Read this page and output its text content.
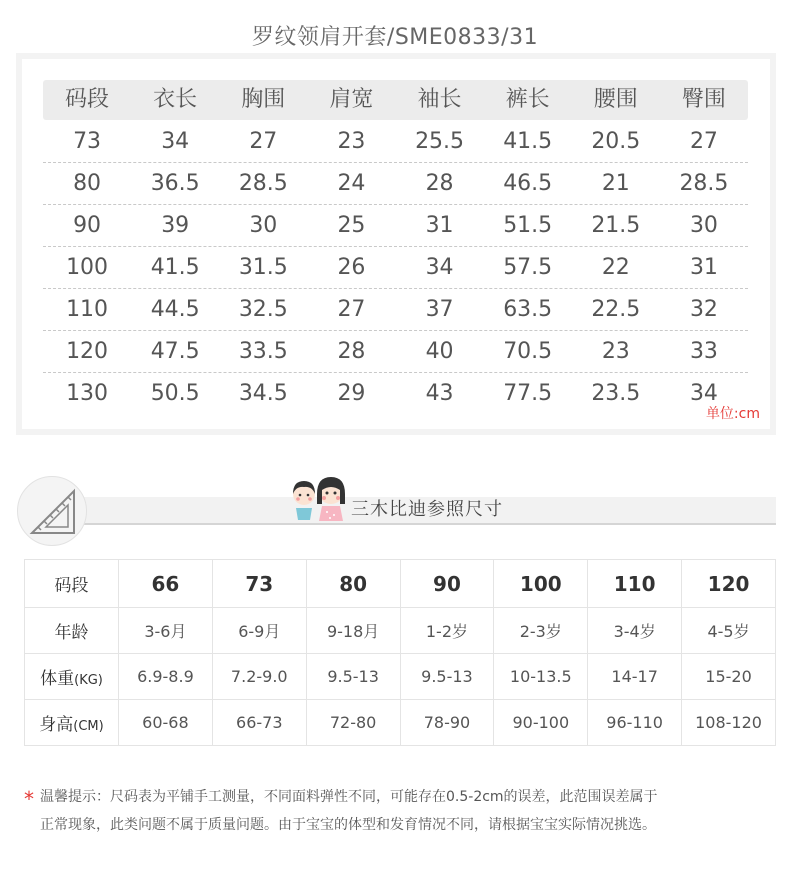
罗纹领肩开套/SME0833/31
码段	衣长	胸围	肩宽	袖长	裤长	腰围	臀围
73	34	27	23	25.5	41.5	20.5	27
80	36.5	28.5	24	28	46.5	21	28.5
90	39	30	25	31	51.5	21.5	30
100	41.5	31.5	26	34	57.5	22	31
110	44.5	32.5	27	37	63.5	22.5	32
120	47.5	33.5	28	40	70.5	23	33
130	50.5	34.5	29	43	77.5	23.5	34
单位:cm
三木比迪参照尺寸
码段	66	73	80	90	100	110	120
年龄	3-6月	6-9月	9-18月	1-2岁	2-3岁	3-4岁	4-5岁
体重(KG)	6.9-8.9	7.2-9.0	9.5-13	9.5-13	10-13.5	14-17	15-20
身高(CM)	60-68	66-73	72-80	78-90	90-100	96-110	108-120
* 温馨提示：尺码表为平铺手工测量，不同面料弹性不同，可能存在0.5-2cm的误差，此范围误差属于
正常现象，此类问题不属于质量问题。由于宝宝的体型和发育情况不同，请根据宝宝实际情况挑选。
